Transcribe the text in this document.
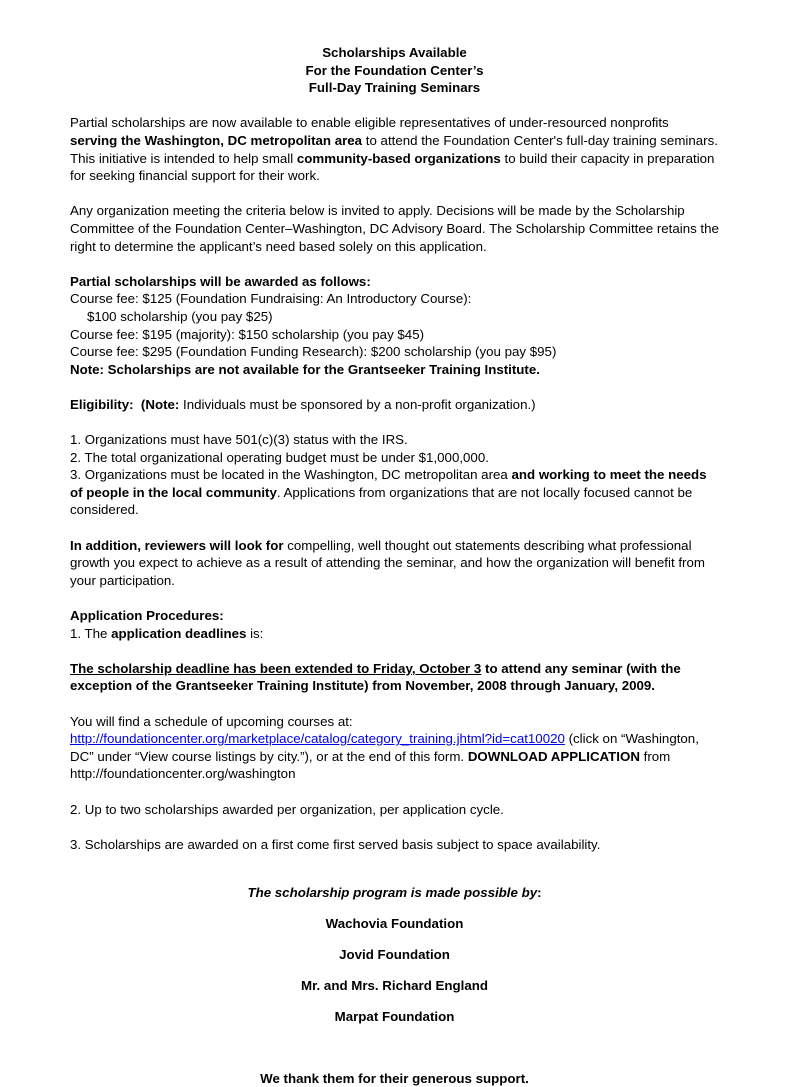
Scholarships Available
For the Foundation Center’s
Full-Day Training Seminars

Partial scholarships are now available to enable eligible representatives of under-resourced nonprofits serving the Washington, DC metropolitan area to attend the Foundation Center's full-day training seminars. This initiative is intended to help small community-based organizations to build their capacity in preparation for seeking financial support for their work.

Any organization meeting the criteria below is invited to apply. Decisions will be made by the Scholarship Committee of the Foundation Center–Washington, DC Advisory Board. The Scholarship Committee retains the right to determine the applicant’s need based solely on this application.

Partial scholarships will be awarded as follows:

Course fee: $125 (Foundation Fundraising: An Introductory Course):

$100 scholarship (you pay $25)

Course fee: $195 (majority): $150 scholarship (you pay $45)

Course fee: $295 (Foundation Funding Research): $200 scholarship (you pay $95)

Note: Scholarships are not available for the Grantseeker Training Institute.

Eligibility: (Note: Individuals must be sponsored by a non-profit organization.)

1. Organizations must have 501(c)(3) status with the IRS.

2. The total organizational operating budget must be under $1,000,000.

3. Organizations must be located in the Washington, DC metropolitan area and working to meet the needs of people in the local community. Applications from organizations that are not locally focused cannot be considered.

In addition, reviewers will look for compelling, well thought out statements describing what professional growth you expect to achieve as a result of attending the seminar, and how the organization will benefit from your participation.

Application Procedures:

1. The application deadlines is:

The scholarship deadline has been extended to Friday, October 3 to attend any seminar (with the exception of the Grantseeker Training Institute) from November, 2008 through January, 2009.

You will find a schedule of upcoming courses at:

http://foundationcenter.org/marketplace/catalog/category_training.jhtml?id=cat10020 (click on “Washington, DC” under “View course listings by city.”), or at the end of this form. DOWNLOAD APPLICATION from http://foundationcenter.org/washington

2. Up to two scholarships awarded per organization, per application cycle.

3. Scholarships are awarded on a first come first served basis subject to space availability.

The scholarship program is made possible by:

Wachovia Foundation

Jovid Foundation

Mr. and Mrs. Richard England

Marpat Foundation

We thank them for their generous support.
